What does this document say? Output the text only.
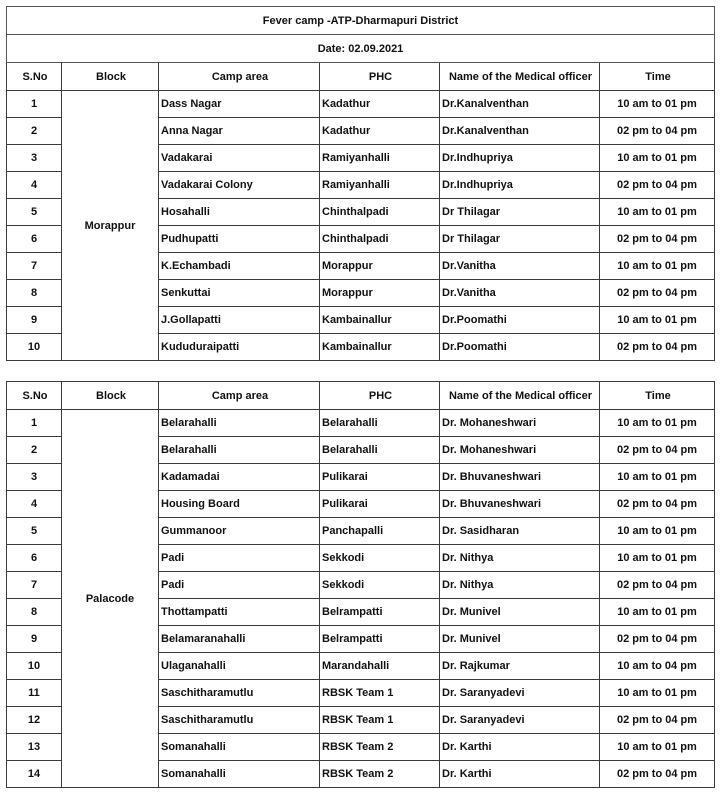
Fever camp -ATP-Dharmapuri District					
Date: 02.09.2021					
S.No	Block	Camp area	PHC	Name of the Medical officer	Time
1	Morappur	Dass Nagar	Kadathur	Dr.Kanalventhan	10 am to 01 pm
2		Anna Nagar	Kadathur	Dr.Kanalventhan	02 pm to 04 pm
3		Vadakarai	Ramiyanhalli	Dr.Indhupriya	10 am to 01 pm
4		Vadakarai Colony	Ramiyanhalli	Dr.Indhupriya	02 pm to 04 pm
5		Hosahalli	Chinthalpadi	Dr Thilagar	10 am to 01 pm
6		Pudhupatti	Chinthalpadi	Dr Thilagar	02 pm to 04 pm
7		K.Echambadi	Morappur	Dr.Vanitha	10 am to 01 pm
8		Senkuttai	Morappur	Dr.Vanitha	02 pm to 04 pm
9		J.Gollapatti	Kambainallur	Dr.Poomathi	10 am to 01 pm
10		Kududuraipatti	Kambainallur	Dr.Poomathi	02 pm to 04 pm
S.No	Block	Camp area	PHC	Name of the Medical officer	Time
1	Palacode	Belarahalli	Belarahalli	Dr. Mohaneshwari	10 am to 01 pm
2		Belarahalli	Belarahalli	Dr. Mohaneshwari	02 pm to 04 pm
3		Kadamadai	Pulikarai	Dr. Bhuvaneshwari	10 am to 01 pm
4		Housing Board	Pulikarai	Dr. Bhuvaneshwari	02 pm to 04 pm
5		Gummanoor	Panchapalli	Dr. Sasidharan	10 am to 01 pm
6		Padi	Sekkodi	Dr. Nithya	10 am to 01 pm
7		Padi	Sekkodi	Dr. Nithya	02 pm to 04 pm
8		Thottampatti	Belrampatti	Dr. Munivel	10 am to 01 pm
9		Belamaranahalli	Belrampatti	Dr. Munivel	02 pm to 04 pm
10		Ulaganahalli	Marandahalli	Dr. Rajkumar	10 am to 04 pm
11		Saschitharamutlu	RBSK Team 1	Dr. Saranyadevi	10 am to 01 pm
12		Saschitharamutlu	RBSK Team 1	Dr. Saranyadevi	02 pm to 04 pm
13		Somanahalli	RBSK Team 2	Dr. Karthi	10 am to 01 pm
14		Somanahalli	RBSK Team 2	Dr. Karthi	02 pm to 04 pm
